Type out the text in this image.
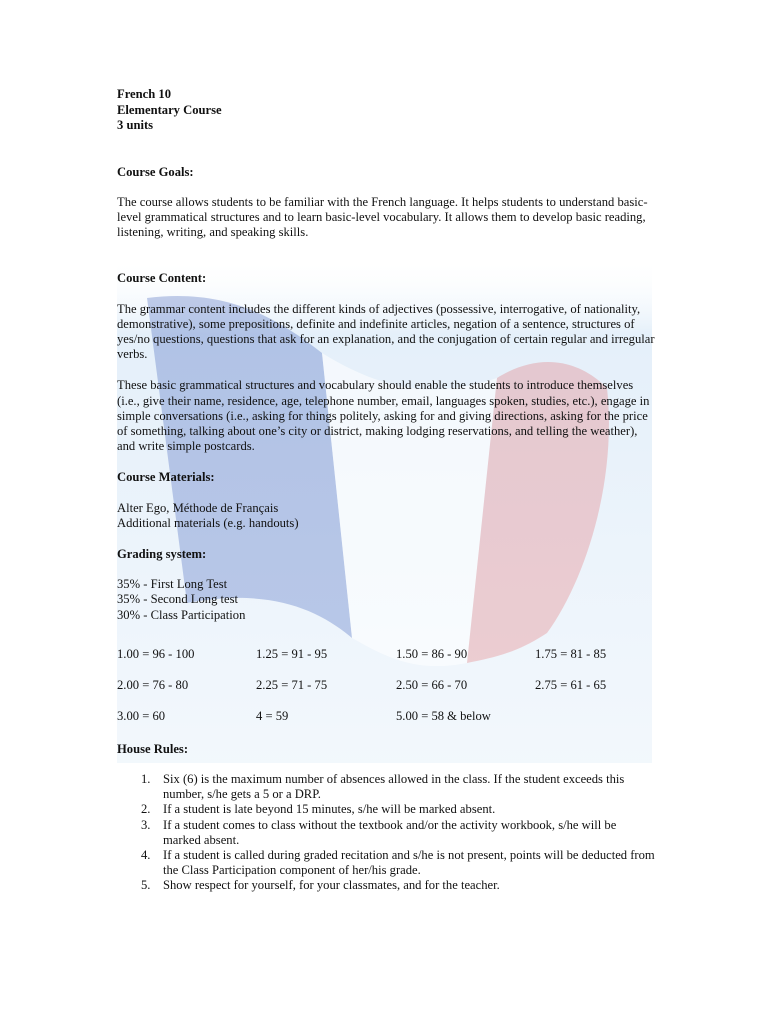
French 10
Elementary Course
3 units
Course Goals:

The course allows students to be familiar with the French language. It helps students to understand basic-level grammatical structures and to learn basic-level vocabulary. It allows them to develop basic reading, listening, writing, and speaking skills.

Course Content:

The grammar content includes the different kinds of adjectives (possessive, interrogative, of nationality, demonstrative), some prepositions, definite and indefinite articles, negation of a sentence, structures of yes/no questions, questions that ask for an explanation, and the conjugation of certain regular and irregular verbs.

These basic grammatical structures and vocabulary should enable the students to introduce themselves (i.e., give their name, residence, age, telephone number, email, languages spoken, studies, etc.), engage in simple conversations (i.e., asking for things politely, asking for and giving directions, asking for the price of something, talking about one’s city or district, making lodging reservations, and telling the weather), and write simple postcards.

Course Materials:
Alter Ego, Méthode de Français
Additional materials (e.g. handouts)
Grading system:
35% - First Long Test
35% - Second Long test
30% - Class Participation
1.00 = 96 - 100	1.25 = 91 - 95	1.50 = 86 - 90	1.75 = 81 - 85
2.00 = 76 - 80	2.25 = 71 - 75	2.50 = 66 - 70	2.75 = 61 - 65
3.00 = 60	4 = 59	5.00 = 58 & below
House Rules:
1. Six (6) is the maximum number of absences allowed in the class. If the student exceeds this number, s/he gets a 5 or a DRP.
2. If a student is late beyond 15 minutes, s/he will be marked absent.
3. If a student comes to class without the textbook and/or the activity workbook, s/he will be marked absent.
4. If a student is called during graded recitation and s/he is not present, points will be deducted from the Class Participation component of her/his grade.
5. Show respect for yourself, for your classmates, and for the teacher.
